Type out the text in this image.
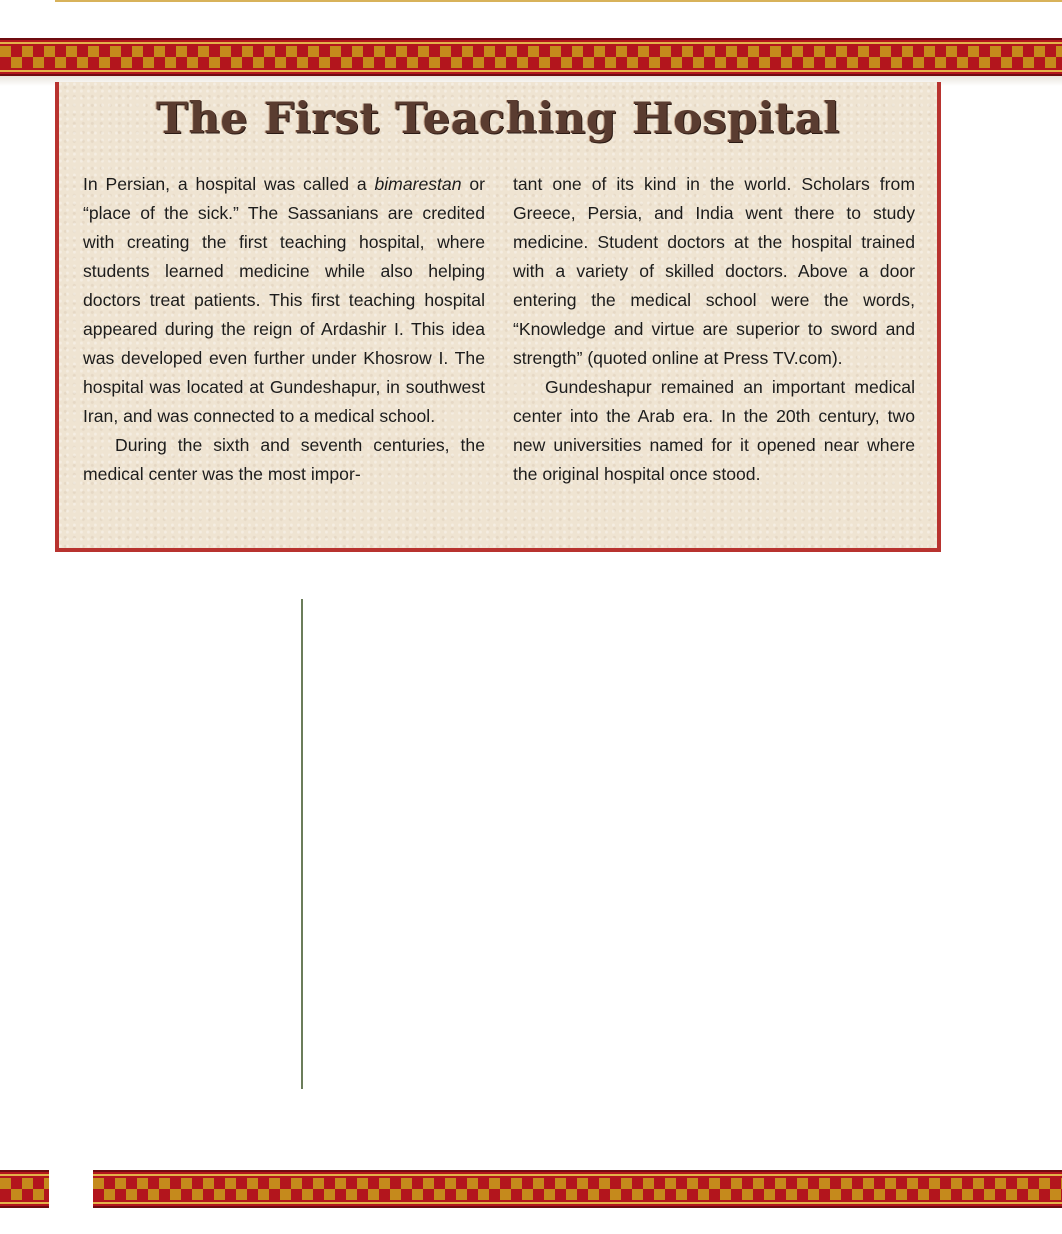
The First Teaching Hospital

In Persian, a hospital was called a bimarestan or “place of the sick.” The Sassanians are credited with creating the first teaching hospital, where students learned medicine while also helping doctors treat patients. This first teaching hospital appeared during the reign of Ardashir I. This idea was developed even further under Khosrow I. The hospital was located at Gundeshapur, in southwest Iran, and was connected to a medical school.

During the sixth and seventh centuries, the medical center was the most impor-

tant one of its kind in the world. Scholars from Greece, Persia, and India went there to study medicine. Student doctors at the hospital trained with a variety of skilled doctors. Above a door entering the medical school were the words, “Knowledge and virtue are superior to sword and strength” (quoted online at Press TV.com).

Gundeshapur remained an important medical center into the Arab era. In the 20th century, two new universities named for it opened near where the original hospital once stood.
